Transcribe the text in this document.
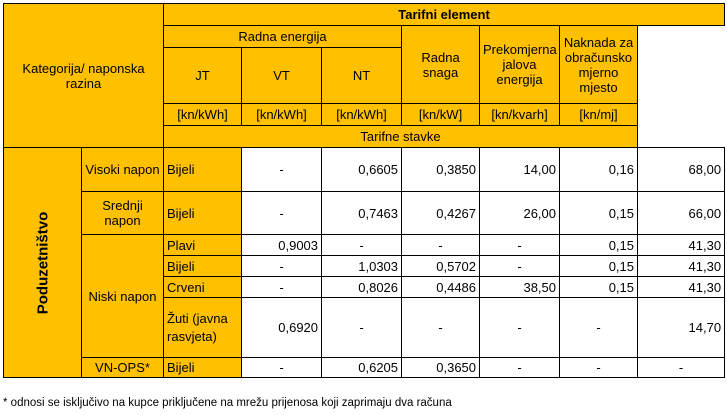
Kategorija/ naponska razina		Tarifni element						
		Radna energija			Radna snaga	Prekomjerna jalova energija	Naknada za obračunsko mjerno mjesto	
		JT	VT	NT				
		[kn/kWh]	[kn/kWh]	[kn/kWh]	[kn/kW]	[kn/kvarh]	[kn/mj]	
		Tarifne stavke						

Poduzetništvo	Visoki napon	Bijeli	-	0,6605	0,3850	14,00	0,16	68,00
	Srednji napon	Bijeli	-	0,7463	0,4267	26,00	0,15	66,00
	Niski napon	Plavi	0,9003	-	-	-	0,15	41,30
		Bijeli	-	1,0303	0,5702	-	0,15	41,30
		Crveni	-	0,8026	0,4486	38,50	0,15	41,30
		Žuti (javna rasvjeta)	0,6920	-	-	-	-	14,70
	VN-OPS*	Bijeli	-	0,6205	0,3650	-	-	-
* odnosi se isključivo na kupce priključene na mrežu prijenosa koji zaprimaju dva računa
